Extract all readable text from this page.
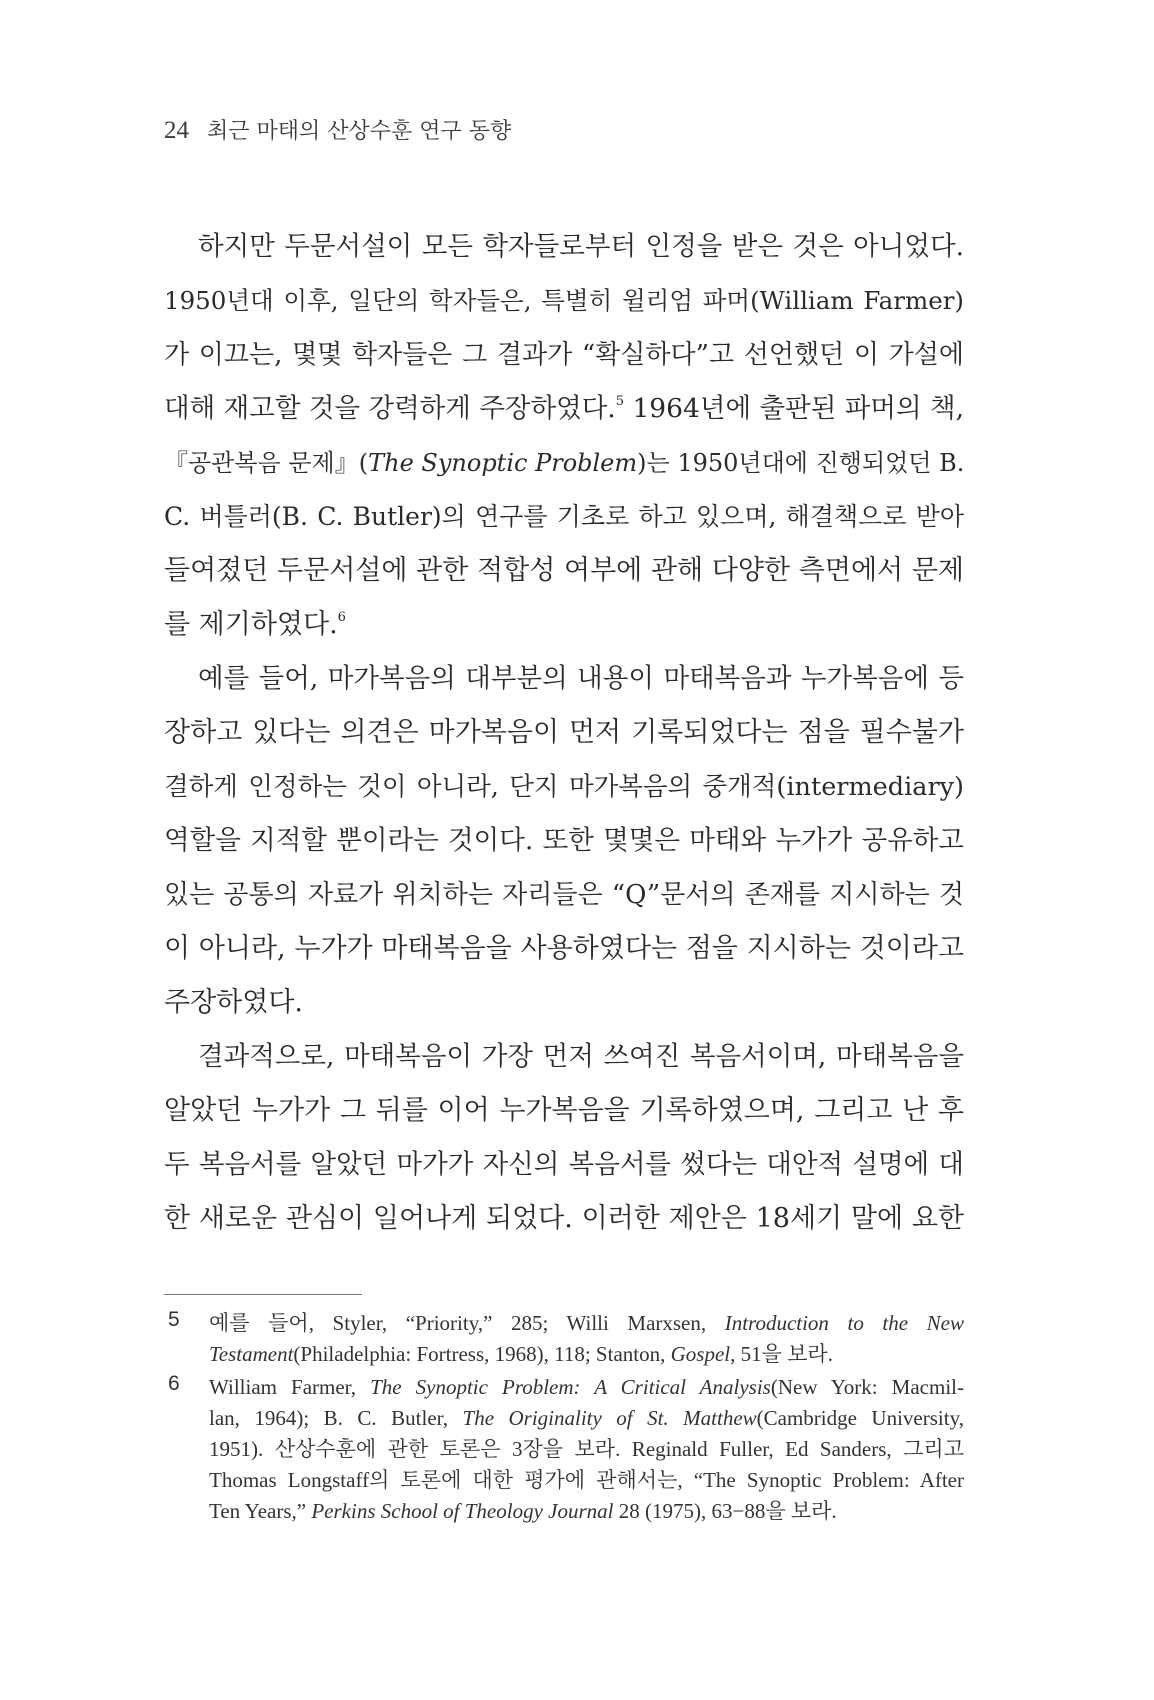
24 최근 마태의 산상수훈 연구 동향
하지만 두문서설이 모든 학자들로부터 인정을 받은 것은 아니었다.
1950년대 이후, 일단의 학자들은, 특별히 윌리엄 파머(William Farmer)
가 이끄는, 몇몇 학자들은 그 결과가 “확실하다”고 선언했던 이 가설에
대해 재고할 것을 강력하게 주장하였다.$^5$ 1964년에 출판된 파머의 책,
『공관복음 문제』(The Synoptic Problem)는 1950년대에 진행되었던 B.
C. 버틀러(B. C. Butler)의 연구를 기초로 하고 있으며, 해결책으로 받아
들여졌던 두문서설에 관한 적합성 여부에 관해 다양한 측면에서 문제
를 제기하였다.$^6$
예를 들어, 마가복음의 대부분의 내용이 마태복음과 누가복음에 등
장하고 있다는 의견은 마가복음이 먼저 기록되었다는 점을 필수불가
결하게 인정하는 것이 아니라, 단지 마가복음의 중개적(intermediary)
역할을 지적할 뿐이라는 것이다. 또한 몇몇은 마태와 누가가 공유하고
있는 공통의 자료가 위치하는 자리들은 “Q”문서의 존재를 지시하는 것
이 아니라, 누가가 마태복음을 사용하였다는 점을 지시하는 것이라고
주장하였다.
결과적으로, 마태복음이 가장 먼저 쓰여진 복음서이며, 마태복음을
알았던 누가가 그 뒤를 이어 누가복음을 기록하였으며, 그리고 난 후
두 복음서를 알았던 마가가 자신의 복음서를 썼다는 대안적 설명에 대
한 새로운 관심이 일어나게 되었다. 이러한 제안은 18세기 말에 요한
5 예를 들어, Styler, “Priority,” 285; Willi Marxsen, Introduction to the New
Testament(Philadelphia: Fortress, 1968), 118; Stanton, Gospel, 51을 보라.
6 William Farmer, The Synoptic Problem: A Critical Analysis(New York: Macmil-
lan, 1964); B. C. Butler, The Originality of St. Matthew(Cambridge University,
1951). 산상수훈에 관한 토론은 3장을 보라. Reginald Fuller, Ed Sanders, 그리고
Thomas Longstaff의 토론에 대한 평가에 관해서는, “The Synoptic Problem: After
Ten Years,” Perkins School of Theology Journal 28 (1975), 63−88을 보라.
